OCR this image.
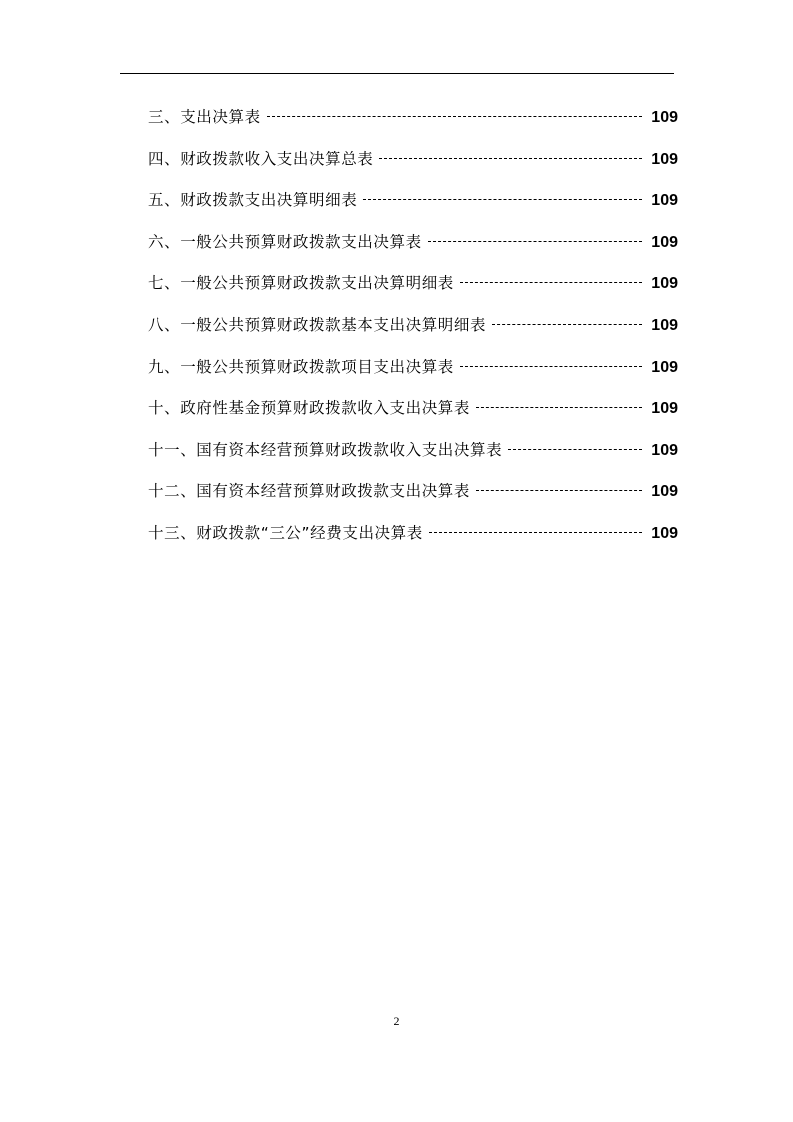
三、支出决算表	109
四、财政拨款收入支出决算总表	109
五、财政拨款支出决算明细表	109
六、一般公共预算财政拨款支出决算表	109
七、一般公共预算财政拨款支出决算明细表	109
八、一般公共预算财政拨款基本支出决算明细表	109
九、一般公共预算财政拨款项目支出决算表	109
十、政府性基金预算财政拨款收入支出决算表	109
十一、国有资本经营预算财政拨款收入支出决算表	109
十二、国有资本经营预算财政拨款支出决算表	109
十三、财政拨款“三公”经费支出决算表	109
2
